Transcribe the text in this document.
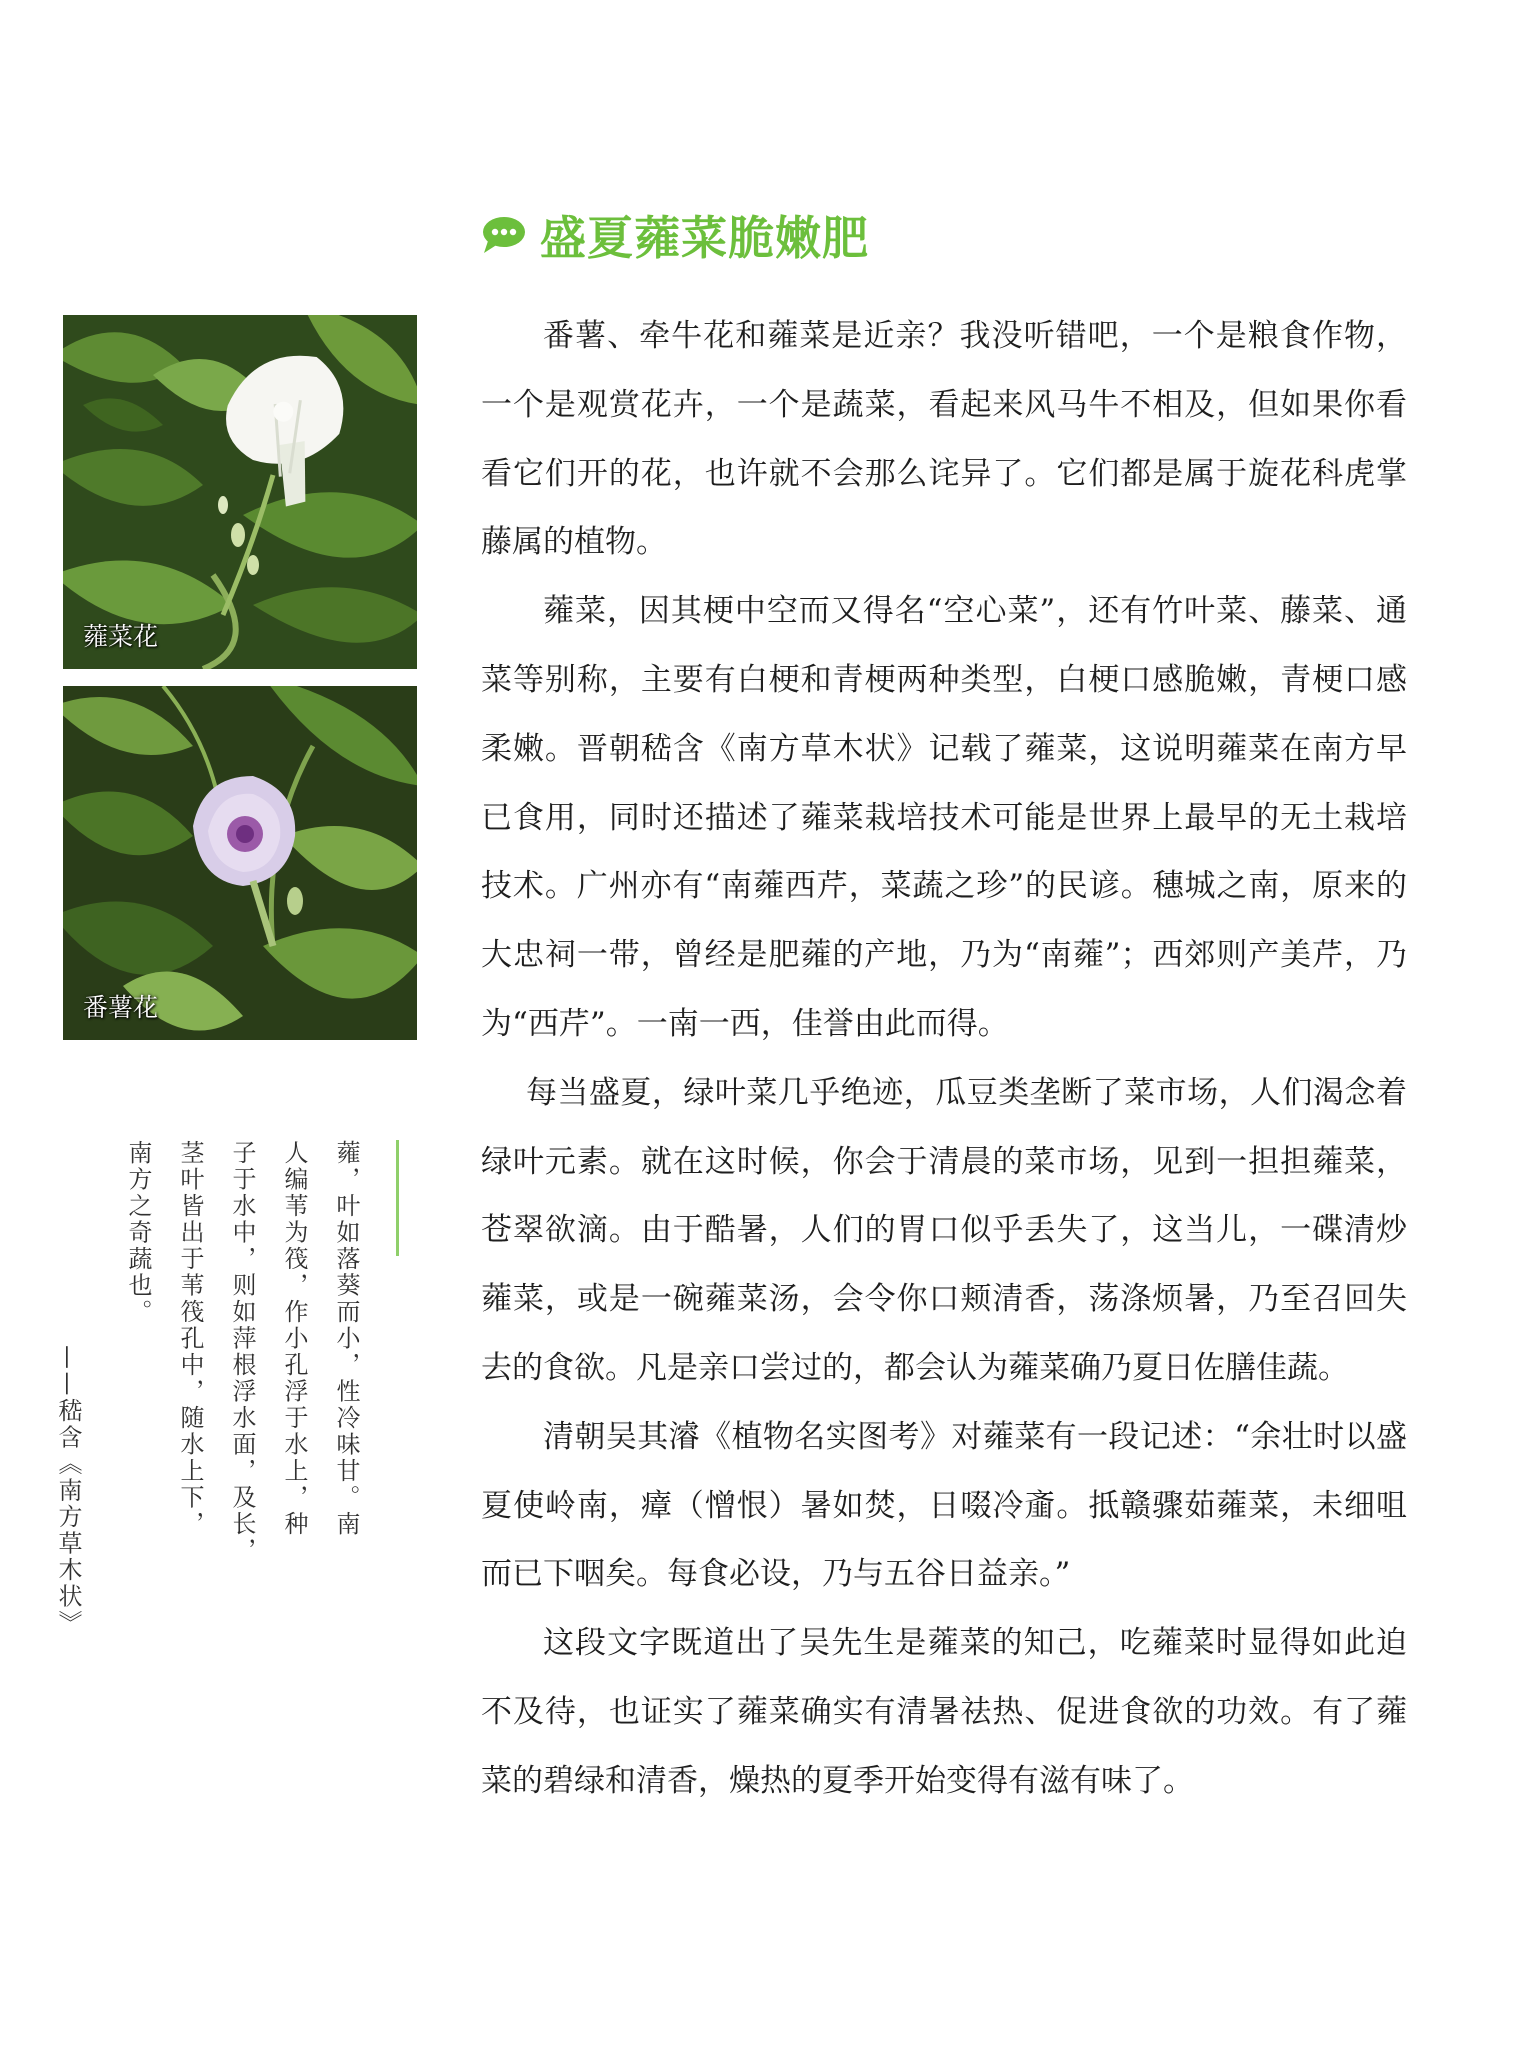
盛夏蕹菜脆嫩肥
蕹菜花
番薯花

蕹，叶如落葵而小，性冷味甘。南

人编苇为筏，作小孔浮于水上，种

子于水中，则如萍根浮水面，及长，

茎叶皆出于苇筏孔中，随水上下，

南方之奇蔬也。

——嵇含《南方草木状》

番薯、牵牛花和蕹菜是近亲？我没听错吧，一个是粮食作物，一个是观赏花卉，一个是蔬菜，看起来风马牛不相及，但如果你看看它们开的花，也许就不会那么诧异了。它们都是属于旋花科虎掌藤属的植物。

蕹菜，因其梗中空而又得名“空心菜”，还有竹叶菜、藤菜、通菜等别称，主要有白梗和青梗两种类型，白梗口感脆嫩，青梗口感柔嫩。晋朝嵇含《南方草木状》记载了蕹菜，这说明蕹菜在南方早已食用，同时还描述了蕹菜栽培技术可能是世界上最早的无土栽培技术。广州亦有“南蕹西芹，菜蔬之珍”的民谚。穗城之南，原来的大忠祠一带，曾经是肥蕹的产地，乃为“南蕹”；西郊则产美芹，乃为“西芹”。一南一西，佳誉由此而得。

每当盛夏，绿叶菜几乎绝迹，瓜豆类垄断了菜市场，人们渴念着绿叶元素。就在这时候，你会于清晨的菜市场，见到一担担蕹菜，苍翠欲滴。由于酷暑，人们的胃口似乎丢失了，这当儿，一碟清炒蕹菜，或是一碗蕹菜汤，会令你口颊清香，荡涤烦暑，乃至召回失去的食欲。凡是亲口尝过的，都会认为蕹菜确乃夏日佐膳佳蔬。

清朝吴其濬《植物名实图考》对蕹菜有一段记述：“余壮时以盛夏使岭南，瘴（憎恨）暑如焚，日啜冷齑。抵赣骤茹蕹菜，未细咀而已下咽矣。每食必设，乃与五谷日益亲。”

这段文字既道出了吴先生是蕹菜的知己，吃蕹菜时显得如此迫不及待，也证实了蕹菜确实有清暑祛热、促进食欲的功效。有了蕹菜的碧绿和清香，燥热的夏季开始变得有滋有味了。
